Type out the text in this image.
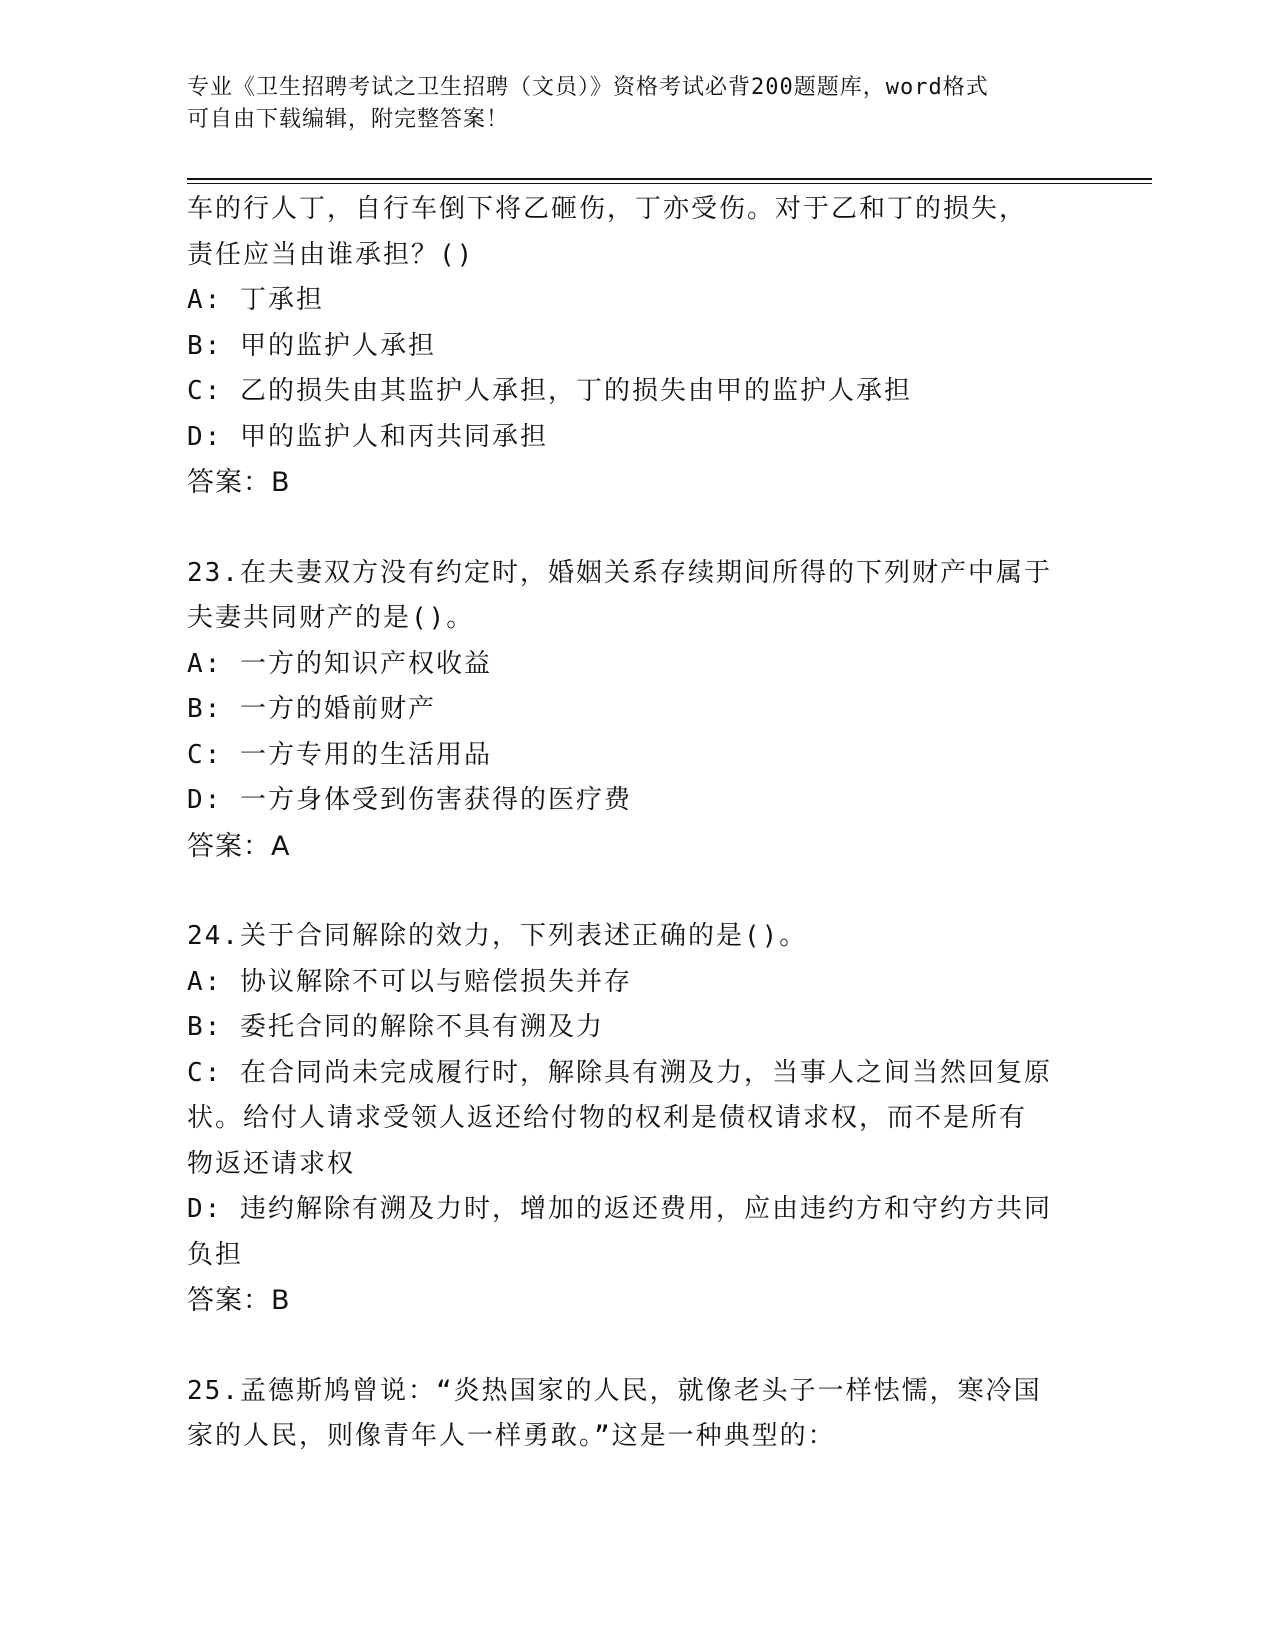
专业《卫生招聘考试之卫生招聘（文员）》资格考试必背200题题库，word格式
可自由下载编辑，附完整答案！
车的行人丁，自行车倒下将乙砸伤，丁亦受伤。对于乙和丁的损失，
责任应当由谁承担？()
A: 丁承担
B: 甲的监护人承担
C: 乙的损失由其监护人承担，丁的损失由甲的监护人承担
D: 甲的监护人和丙共同承担
答案：B
23.在夫妻双方没有约定时，婚姻关系存续期间所得的下列财产中属于
夫妻共同财产的是()。
A: 一方的知识产权收益
B: 一方的婚前财产
C: 一方专用的生活用品
D: 一方身体受到伤害获得的医疗费
答案：A
24.关于合同解除的效力，下列表述正确的是()。
A: 协议解除不可以与赔偿损失并存
B: 委托合同的解除不具有溯及力
C: 在合同尚未完成履行时，解除具有溯及力，当事人之间当然回复原
状。给付人请求受领人返还给付物的权利是债权请求权，而不是所有
物返还请求权
D: 违约解除有溯及力时，增加的返还费用，应由违约方和守约方共同
负担
答案：B
25.孟德斯鸠曾说：“炎热国家的人民，就像老头子一样怯懦，寒冷国
家的人民，则像青年人一样勇敢。”这是一种典型的：
